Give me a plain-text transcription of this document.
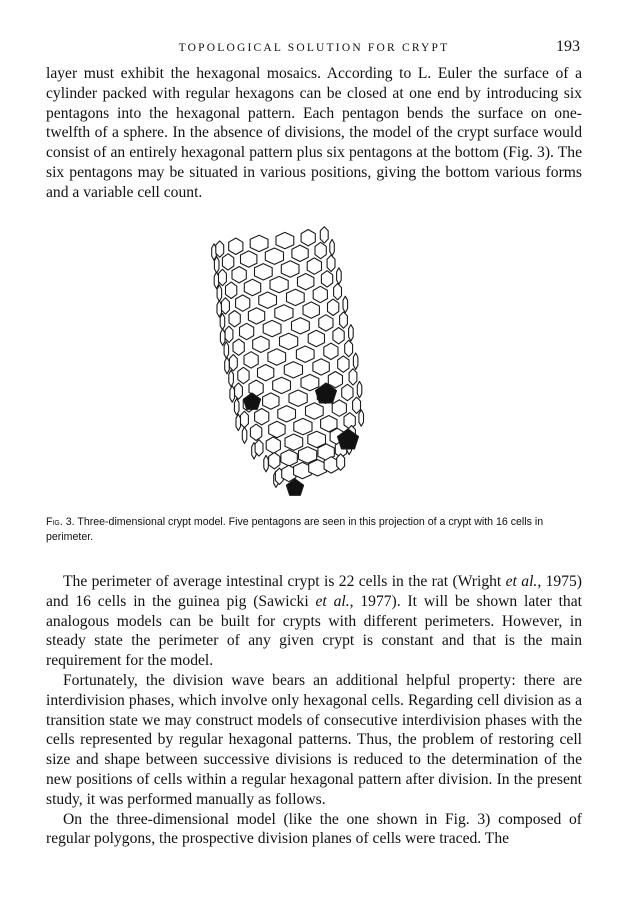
TOPOLOGICAL SOLUTION FOR CRYPT	193

layer must exhibit the hexagonal mosaics. According to L. Euler the surface of a cylinder packed with regular hexagons can be closed at one end by introducing six pentagons into the hexagonal pattern. Each pentagon bends the surface on one-twelfth of a sphere. In the absence of divisions, the model of the crypt surface would consist of an entirely hexagonal pattern plus six pentagons at the bottom (Fig. 3). The six pentagons may be situated in various positions, giving the bottom various forms and a variable cell count.

Fig. 3. Three-dimensional crypt model. Five pentagons are seen in this projection of a crypt with 16 cells in perimeter.

The perimeter of average intestinal crypt is 22 cells in the rat (Wright et al., 1975) and 16 cells in the guinea pig (Sawicki et al., 1977). It will be shown later that analogous models can be built for crypts with different perimeters. However, in steady state the perimeter of any given crypt is constant and that is the main requirement for the model.

Fortunately, the division wave bears an additional helpful property: there are interdivision phases, which involve only hexagonal cells. Regarding cell division as a transition state we may construct models of consecutive interdivision phases with the cells represented by regular hexagonal patterns. Thus, the problem of restoring cell size and shape between successive divisions is reduced to the determination of the new positions of cells within a regular hexagonal pattern after division. In the present study, it was performed manually as follows.

On the three-dimensional model (like the one shown in Fig. 3) composed of regular polygons, the prospective division planes of cells were traced. The
